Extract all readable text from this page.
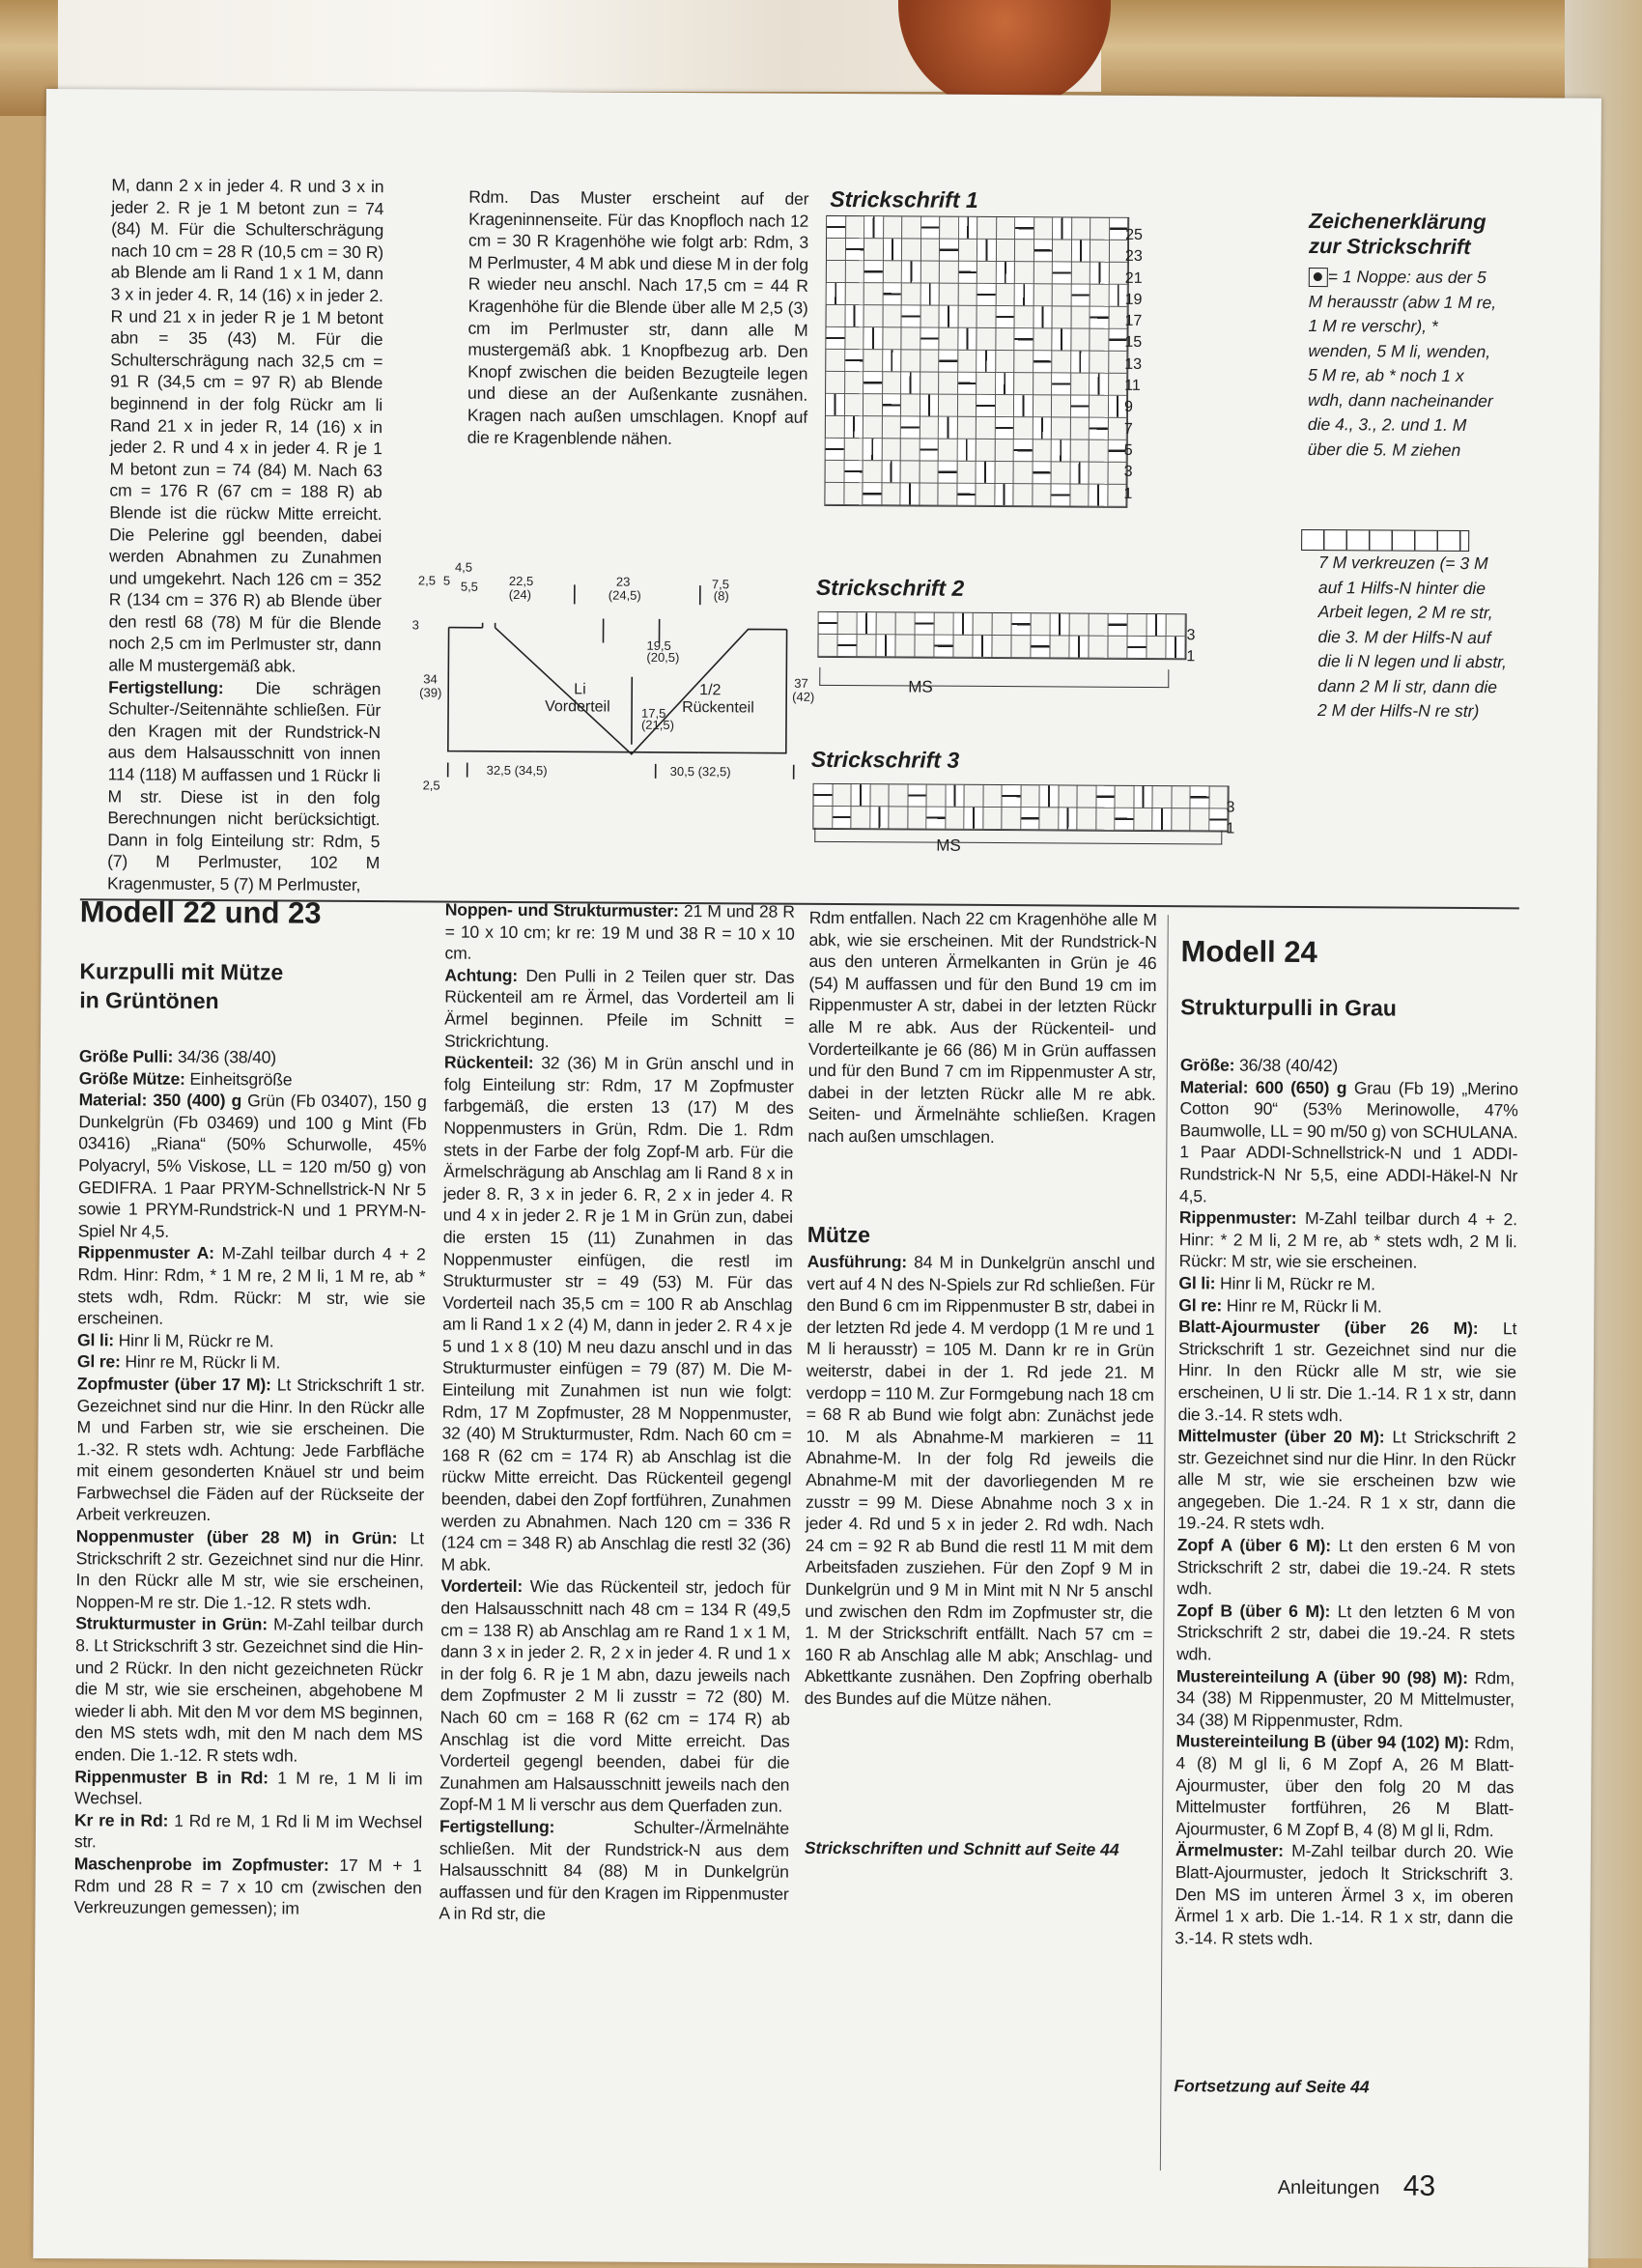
M, dann 2 x in jeder 4. R und 3 x in jeder 2. R je 1 M betont zun = 74 (84) M. Für die Schulterschrägung nach 10 cm = 28 R (10,5 cm = 30 R) ab Blende am li Rand 1 x 1 M, dann 3 x in jeder 4. R, 14 (16) x in jeder 2. R und 21 x in jeder R je 1 M betont abn = 35 (43) M. Für die Schulterschrägung nach 32,5 cm = 91 R (34,5 cm = 97 R) ab Blende beginnend in der folg Rückr am li Rand 21 x in jeder R, 14 (16) x in jeder 2. R und 4 x in jeder 4. R je 1 M betont zun = 74 (84) M. Nach 63 cm = 176 R (67 cm = 188 R) ab Blende ist die rückw Mitte erreicht. Die Pelerine ggl beenden, dabei werden Abnahmen zu Zunahmen und umgekehrt. Nach 126 cm = 352 R (134 cm = 376 R) ab Blende über den restl 68 (78) M für die Blende noch 2,5 cm im Perlmuster str, dann alle M mustergemäß abk.

Fertigstellung: Die schrägen Schulter-/Seitennähte schließen. Für den Kragen mit der Rundstrick-N aus dem Halsausschnitt von innen 114 (118) M auffassen und 1 Rückr li M str. Diese ist in den folg Berechnungen nicht berücksichtigt. Dann in folg Einteilung str: Rdm, 5 (7) M Perlmuster, 102 M Kragenmuster, 5 (7) M Perlmuster,

Rdm. Das Muster erscheint auf der Krageninnenseite. Für das Knopfloch nach 12 cm = 30 R Kragenhöhe wie folgt arb: Rdm, 3 M Perlmuster, 4 M abk und diese M in der folg R wieder neu anschl. Nach 17,5 cm = 44 R Kragenhöhe für die Blende über alle M 2,5 (3) cm im Perlmuster str, dann alle M mustergemäß abk. 1 Knopfbezug arb. Den Knopf zwischen die beiden Bezugteile legen und diese an der Außenkante zusnähen. Kragen nach außen umschlagen. Knopf auf die re Kragenblende nähen.

4,5
2,5 5 5,5 22,5
(24)
23
(24,5)
7,5
(8)
3
19,5
(20,5)
34
(39)	Li
Vorderteil
1/2
Rückenteil
17,5
(21,5)
37
(42)
2,5
32,5 (34,5)	30,5 (32,5)
Strickschrift 1
25
23
21
19
17
15
13
11
9
7
5
3
1
Strickschrift 2
3
1
MS
Strickschrift 3
3
1
MS
Zeichenerklärung
zur Strickschrift
= 1 Noppe: aus der 5 M herausstr (abw 1 M re, 1 M re verschr), * wenden, 5 M li, wenden, 5 M re, ab * noch 1 x wdh, dann nacheinander die 4., 3., 2. und 1. M über die 5. M ziehen
7 M verkreuzen (= 3 M auf 1 Hilfs-N hinter die Arbeit legen, 2 M re str, die 3. M der Hilfs-N auf die li N legen und li abstr, dann 2 M li str, dann die 2 M der Hilfs-N re str)
Modell 22 und 23
Kurzpulli mit Mütze
in Grüntönen

Größe Pulli: 34/36 (38/40)

Größe Mütze: Einheitsgröße

Material: 350 (400) g Grün (Fb 03407), 150 g Dunkelgrün (Fb 03469) und 100 g Mint (Fb 03416) „Riana“ (50% Schurwolle, 45% Polyacryl, 5% Viskose, LL = 120 m/50 g) von GEDIFRA. 1 Paar PRYM-Schnellstrick-N Nr 5 sowie 1 PRYM-Rundstrick-N und 1 PRYM-N-Spiel Nr 4,5.

Rippenmuster A: M-Zahl teilbar durch 4 + 2 Rdm. Hinr: Rdm, * 1 M re, 2 M li, 1 M re, ab * stets wdh, Rdm. Rückr: M str, wie sie erscheinen.

Gl li: Hinr li M, Rückr re M.

Gl re: Hinr re M, Rückr li M.

Zopfmuster (über 17 M): Lt Strickschrift 1 str. Gezeichnet sind nur die Hinr. In den Rückr alle M und Farben str, wie sie erscheinen. Die 1.-32. R stets wdh. Achtung: Jede Farbfläche mit einem gesonderten Knäuel str und beim Farbwechsel die Fäden auf der Rückseite der Arbeit verkreuzen.

Noppenmuster (über 28 M) in Grün: Lt Strickschrift 2 str. Gezeichnet sind nur die Hinr. In den Rückr alle M str, wie sie erscheinen, Noppen-M re str. Die 1.-12. R stets wdh.

Strukturmuster in Grün: M-Zahl teilbar durch 8. Lt Strickschrift 3 str. Gezeichnet sind die Hin- und 2 Rückr. In den nicht gezeichneten Rückr die M str, wie sie erscheinen, abgehobene M wieder li abh. Mit den M vor dem MS beginnen, den MS stets wdh, mit den M nach dem MS enden. Die 1.-12. R stets wdh.

Rippenmuster B in Rd: 1 M re, 1 M li im Wechsel.

Kr re in Rd: 1 Rd re M, 1 Rd li M im Wechsel str.

Maschenprobe im Zopfmuster: 17 M + 1 Rdm und 28 R = 7 x 10 cm (zwischen den Verkreuzungen gemessen); im

Noppen- und Strukturmuster: 21 M und 28 R = 10 x 10 cm; kr re: 19 M und 38 R = 10 x 10 cm.

Achtung: Den Pulli in 2 Teilen quer str. Das Rückenteil am re Ärmel, das Vorderteil am li Ärmel beginnen. Pfeile im Schnitt = Strickrichtung.

Rückenteil: 32 (36) M in Grün anschl und in folg Einteilung str: Rdm, 17 M Zopfmuster farbgemäß, die ersten 13 (17) M des Noppenmusters in Grün, Rdm. Die 1. Rdm stets in der Farbe der folg Zopf-M arb. Für die Ärmelschrägung ab Anschlag am li Rand 8 x in jeder 8. R, 3 x in jeder 6. R, 2 x in jeder 4. R und 4 x in jeder 2. R je 1 M in Grün zun, dabei die ersten 15 (11) Zunahmen in das Noppenmuster einfügen, die restl im Strukturmuster str = 49 (53) M. Für das Vorderteil nach 35,5 cm = 100 R ab Anschlag am li Rand 1 x 2 (4) M, dann in jeder 2. R 4 x je 5 und 1 x 8 (10) M neu dazu anschl und in das Strukturmuster einfügen = 79 (87) M. Die M-Einteilung mit Zunahmen ist nun wie folgt: Rdm, 17 M Zopfmuster, 28 M Noppenmuster, 32 (40) M Strukturmuster, Rdm. Nach 60 cm = 168 R (62 cm = 174 R) ab Anschlag ist die rückw Mitte erreicht. Das Rückenteil gegengl beenden, dabei den Zopf fortführen, Zunahmen werden zu Abnahmen. Nach 120 cm = 336 R (124 cm = 348 R) ab Anschlag die restl 32 (36) M abk.

Vorderteil: Wie das Rückenteil str, jedoch für den Halsausschnitt nach 48 cm = 134 R (49,5 cm = 138 R) ab Anschlag am re Rand 1 x 1 M, dann 3 x in jeder 2. R, 2 x in jeder 4. R und 1 x in der folg 6. R je 1 M abn, dazu jeweils nach dem Zopfmuster 2 M li zusstr = 72 (80) M. Nach 60 cm = 168 R (62 cm = 174 R) ab Anschlag ist die vord Mitte erreicht. Das Vorderteil gegengl beenden, dabei für die Zunahmen am Halsausschnitt jeweils nach den Zopf-M 1 M li verschr aus dem Querfaden zun.

Fertigstellung: Schulter-/Ärmelnähte schließen. Mit der Rundstrick-N aus dem Halsausschnitt 84 (88) M in Dunkelgrün auffassen und für den Kragen im Rippenmuster A in Rd str, die

Rdm entfallen. Nach 22 cm Kragenhöhe alle M abk, wie sie erscheinen. Mit der Rundstrick-N aus den unteren Ärmelkanten in Grün je 46 (54) M auffassen und für den Bund 19 cm im Rippenmuster A str, dabei in der letzten Rückr alle M re abk. Aus der Rückenteil- und Vorderteilkante je 66 (86) M in Grün auffassen und für den Bund 7 cm im Rippenmuster A str, dabei in der letzten Rückr alle M re abk. Seiten- und Ärmelnähte schließen. Kragen nach außen umschlagen.

Mütze

Ausführung: 84 M in Dunkelgrün anschl und vert auf 4 N des N-Spiels zur Rd schließen. Für den Bund 6 cm im Rippenmuster B str, dabei in der letzten Rd jede 4. M verdopp (1 M re und 1 M li herausstr) = 105 M. Dann kr re in Grün weiterstr, dabei in der 1. Rd jede 21. M verdopp = 110 M. Zur Formgebung nach 18 cm = 68 R ab Bund wie folgt abn: Zunächst jede 10. M als Abnahme-M markieren = 11 Abnahme-M. In der folg Rd jeweils die Abnahme-M mit der davorliegenden M re zusstr = 99 M. Diese Abnahme noch 3 x in jeder 4. Rd und 5 x in jeder 2. Rd wdh. Nach 24 cm = 92 R ab Bund die restl 11 M mit dem Arbeitsfaden zusziehen. Für den Zopf 9 M in Dunkelgrün und 9 M in Mint mit N Nr 5 anschl und zwischen den Rdm im Zopfmuster str, die 1. M der Strickschrift entfällt. Nach 57 cm = 160 R ab Anschlag alle M abk; Anschlag- und Abkettkante zusnähen. Den Zopfring oberhalb des Bundes auf die Mütze nähen.

Strickschriften und Schnitt auf Seite 44
Modell 24
Strukturpulli in Grau

Größe: 36/38 (40/42)

Material: 600 (650) g Grau (Fb 19) „Merino Cotton 90“ (53% Merinowolle, 47% Baumwolle, LL = 90 m/50 g) von SCHULANA. 1 Paar ADDI-Schnellstrick-N und 1 ADDI-Rundstrick-N Nr 5,5, eine ADDI-Häkel-N Nr 4,5.

Rippenmuster: M-Zahl teilbar durch 4 + 2. Hinr: * 2 M li, 2 M re, ab * stets wdh, 2 M li. Rückr: M str, wie sie erscheinen.

Gl li: Hinr li M, Rückr re M.

Gl re: Hinr re M, Rückr li M.

Blatt-Ajourmuster (über 26 M): Lt Strickschrift 1 str. Gezeichnet sind nur die Hinr. In den Rückr alle M str, wie sie erscheinen, U li str. Die 1.-14. R 1 x str, dann die 3.-14. R stets wdh.

Mittelmuster (über 20 M): Lt Strickschrift 2 str. Gezeichnet sind nur die Hinr. In den Rückr alle M str, wie sie erscheinen bzw wie angegeben. Die 1.-24. R 1 x str, dann die 19.-24. R stets wdh.

Zopf A (über 6 M): Lt den ersten 6 M von Strickschrift 2 str, dabei die 19.-24. R stets wdh.

Zopf B (über 6 M): Lt den letzten 6 M von Strickschrift 2 str, dabei die 19.-24. R stets wdh.

Mustereinteilung A (über 90 (98) M): Rdm, 34 (38) M Rippenmuster, 20 M Mittelmuster, 34 (38) M Rippenmuster, Rdm.

Mustereinteilung B (über 94 (102) M): Rdm, 4 (8) M gl li, 6 M Zopf A, 26 M Blatt-Ajourmuster, über den folg 20 M das Mittelmuster fortführen, 26 M Blatt-Ajourmuster, 6 M Zopf B, 4 (8) M gl li, Rdm.

Ärmelmuster: M-Zahl teilbar durch 20. Wie Blatt-Ajourmuster, jedoch lt Strickschrift 3. Den MS im unteren Ärmel 3 x, im oberen Ärmel 1 x arb. Die 1.-14. R 1 x str, dann die 3.-14. R stets wdh.

Fortsetzung auf Seite 44
Anleitungen 43
